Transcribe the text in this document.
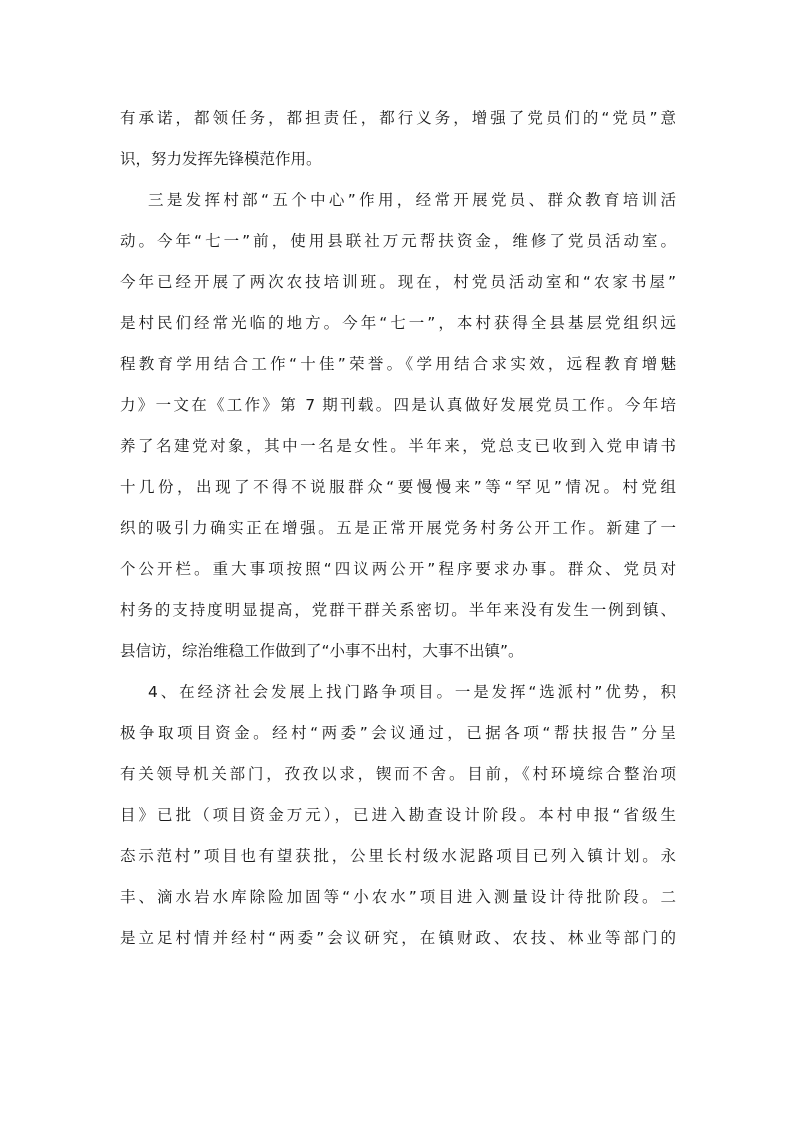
有承诺，都领任务，都担责任，都行义务，增强了党员们的“党员”意
识，努力发挥先锋模范作用。
三是发挥村部“五个中心”作用，经常开展党员、群众教育培训活
动。今年“七一”前，使用县联社万元帮扶资金，维修了党员活动室。
今年已经开展了两次农技培训班。现在，村党员活动室和“农家书屋”
是村民们经常光临的地方。今年“七一”，本村获得全县基层党组织远
程教育学用结合工作“十佳”荣誉。《学用结合求实效，远程教育增魅
力》一文在《工作》第 7 期刊载。四是认真做好发展党员工作。今年培
养了名建党对象，其中一名是女性。半年来，党总支已收到入党申请书
十几份，出现了不得不说服群众“要慢慢来”等“罕见”情况。村党组
织的吸引力确实正在增强。五是正常开展党务村务公开工作。新建了一
个公开栏。重大事项按照“四议两公开”程序要求办事。群众、党员对
村务的支持度明显提高，党群干群关系密切。半年来没有发生一例到镇、
县信访，综治维稳工作做到了“小事不出村，大事不出镇”。
4、在经济社会发展上找门路争项目。一是发挥“选派村”优势，积
极争取项目资金。经村“两委”会议通过，已据各项“帮扶报告”分呈
有关领导机关部门，孜孜以求，锲而不舍。目前，《村环境综合整治项
目》已批（项目资金万元），已进入勘查设计阶段。本村申报“省级生
态示范村”项目也有望获批，公里长村级水泥路项目已列入镇计划。永
丰、滴水岩水库除险加固等“小农水”项目进入测量设计待批阶段。二
是立足村情并经村“两委”会议研究，在镇财政、农技、林业等部门的
